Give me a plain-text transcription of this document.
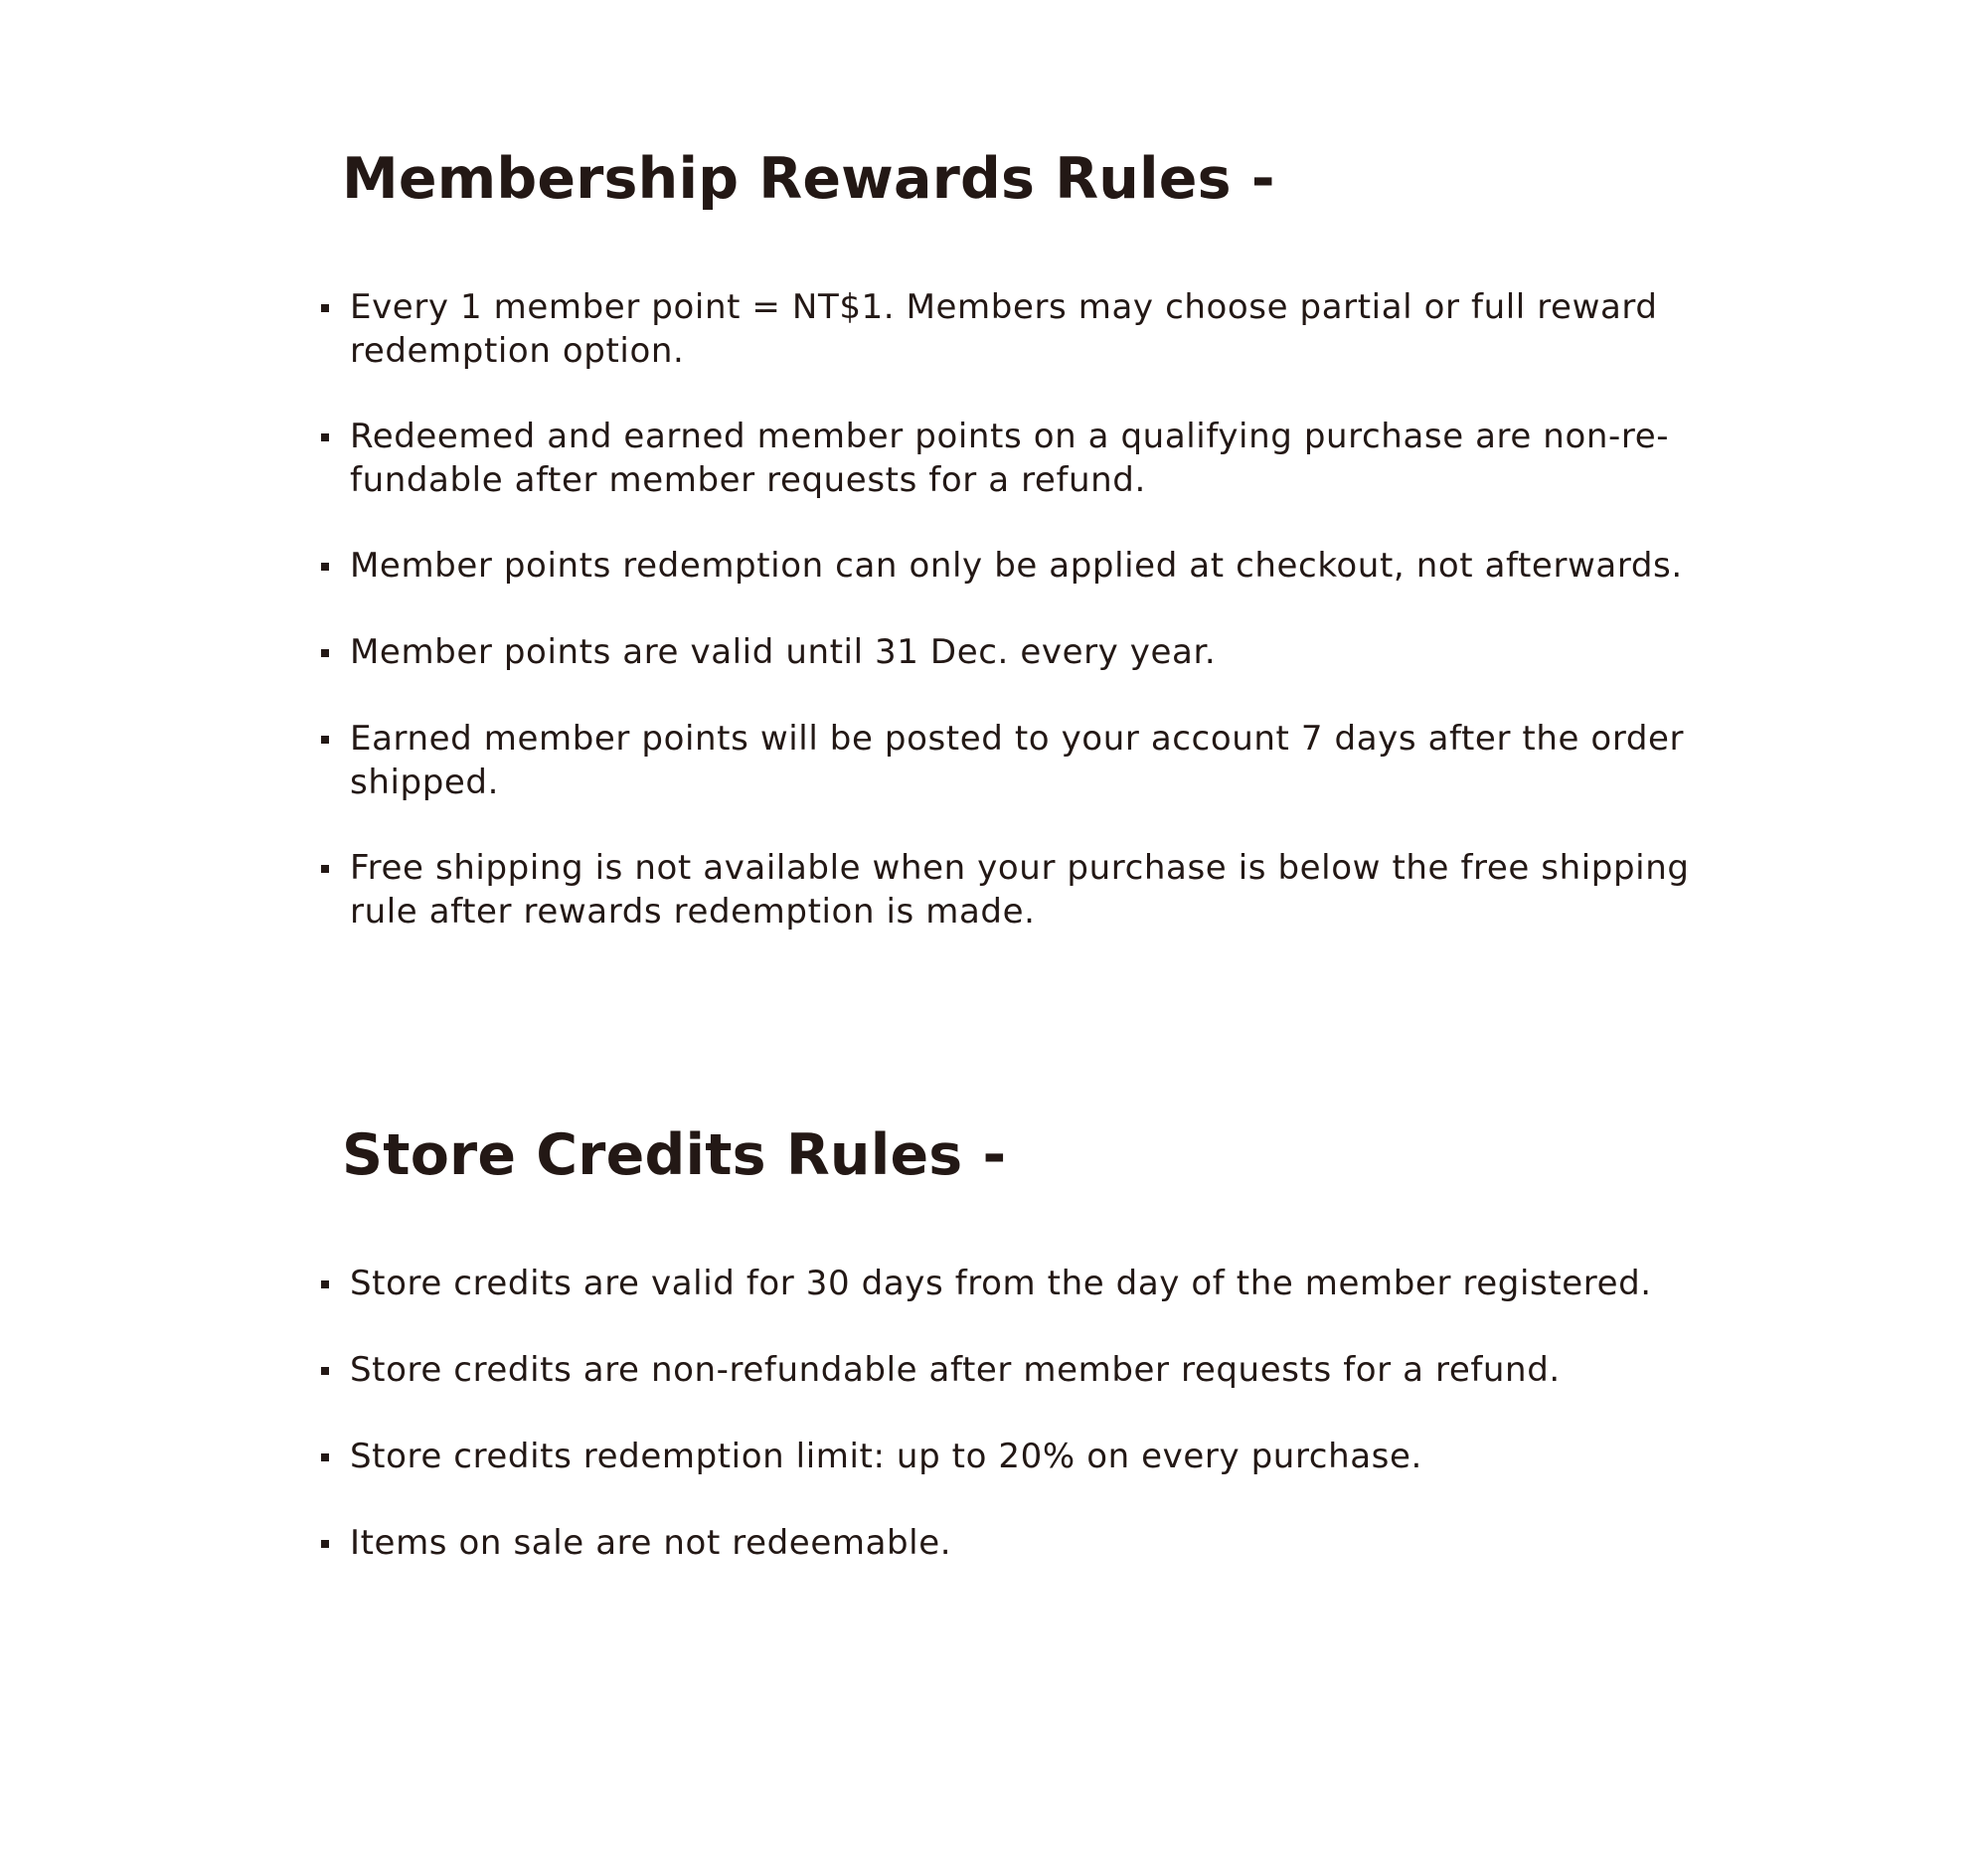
Membership Rewards Rules -
Every 1 member point = NT$1. Members may choose partial or full reward redemption option.
Redeemed and earned member points on a qualifying purchase are non-re-fundable after member requests for a refund.
Member points redemption can only be applied at checkout, not afterwards.
Member points are valid until 31 Dec. every year.
Earned member points will be posted to your account 7 days after the order shipped.
Free shipping is not available when your purchase is below the free shipping rule after rewards redemption is made.
Store Credits Rules -
Store credits are valid for 30 days from the day of the member registered.
Store credits are non-refundable after member requests for a refund.
Store credits redemption limit: up to 20% on every purchase.
Items on sale are not redeemable.
